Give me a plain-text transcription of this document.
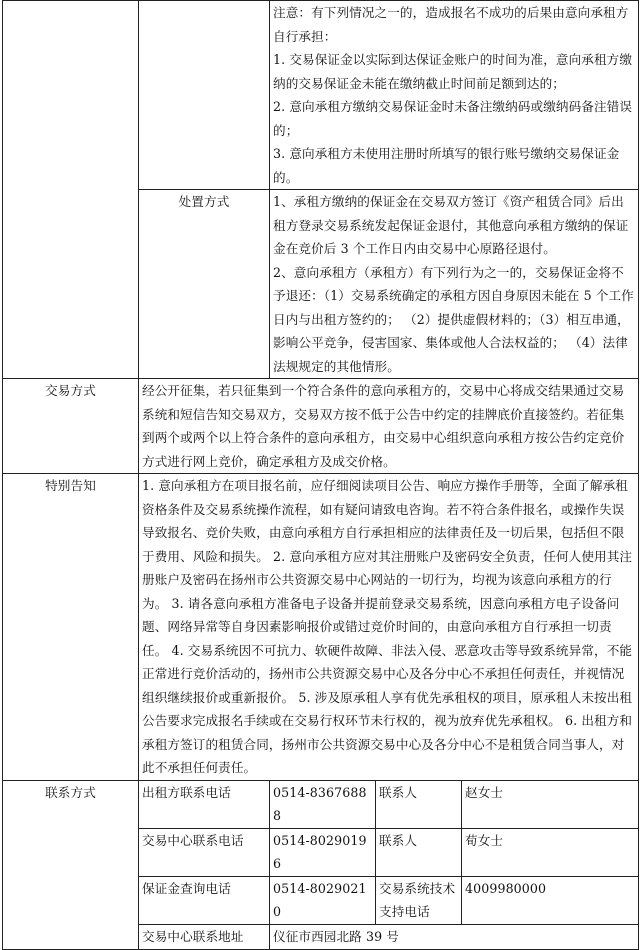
		注意：有下列情况之一的，造成报名不成功的后果由意向承租方自行承担：

1. 交易保证金以实际到达保证金账户的时间为准，意向承租方缴纳的交易保证金未能在缴纳截止时间前足额到达的；

2. 意向承租方缴纳交易保证金时未备注缴纳码或缴纳码备注错误的；

3. 意向承租方未使用注册时所填写的银行账号缴纳交易保证金的。		

	处置方式	1、承租方缴纳的保证金在交易双方签订《资产租赁合同》后出租方登录交易系统发起保证金退付，其他意向承租方缴纳的保证金在竞价后 3 个工作日内由交易中心原路径退付。

2、意向承租方（承租方）有下列行为之一的，交易保证金将不予退还：（1）交易系统确定的承租方因自身原因未能在 5 个工作日内与出租方签约的； （2）提供虚假材料的；（3）相互串通，影响公平竞争，侵害国家、集体或他人合法权益的； （4）法律法规规定的其他情形。		

交易方式	经公开征集，若只征集到一个符合条件的意向承租方的，交易中心将成交结果通过交易系统和短信告知交易双方，交易双方按不低于公告中约定的挂牌底价直接签约。若征集到两个或两个以上符合条件的意向承租方，由交易中心组织意向承租方按公告约定竞价方式进行网上竞价，确定承租方及成交价格。			

特别告知	1. 意向承租方在项目报名前，应仔细阅读项目公告、响应方操作手册等，全面了解承租资格条件及交易系统操作流程，如有疑问请致电咨询。若不符合条件报名，或操作失误导致报名、竞价失败，由意向承租方自行承担相应的法律责任及一切后果，包括但不限于费用、风险和损失。 2. 意向承租方应对其注册账户及密码安全负责，任何人使用其注册账户及密码在扬州市公共资源交易中心网站的一切行为，均视为该意向承租方的行为。 3. 请各意向承租方准备电子设备并提前登录交易系统，因意向承租方电子设备问题、网络异常等自身因素影响报价或错过竞价时间的，由意向承租方自行承担一切责任。 4. 交易系统因不可抗力、软硬件故障、非法入侵、恶意攻击等导致系统异常，不能正常进行竞价活动的，扬州市公共资源交易中心及各分中心不承担任何责任，并视情况组织继续报价或重新报价。 5. 涉及原承租人享有优先承租权的项目，原承租人未按出租公告要求完成报名手续或在交易行权环节未行权的，视为放弃优先承租权。 6. 出租方和承租方签订的租赁合同，扬州市公共资源交易中心及各分中心不是租赁合同当事人，对此不承担任何责任。			

联系方式	出租方联系电话	0514-83676888	联系人	赵女士
	交易中心联系电话	0514-80290196	联系人	荀女士
	保证金查询电话	0514-80290210	交易系统技术支持电话	4009980000
	交易中心联系地址	仪征市西园北路 39 号		
